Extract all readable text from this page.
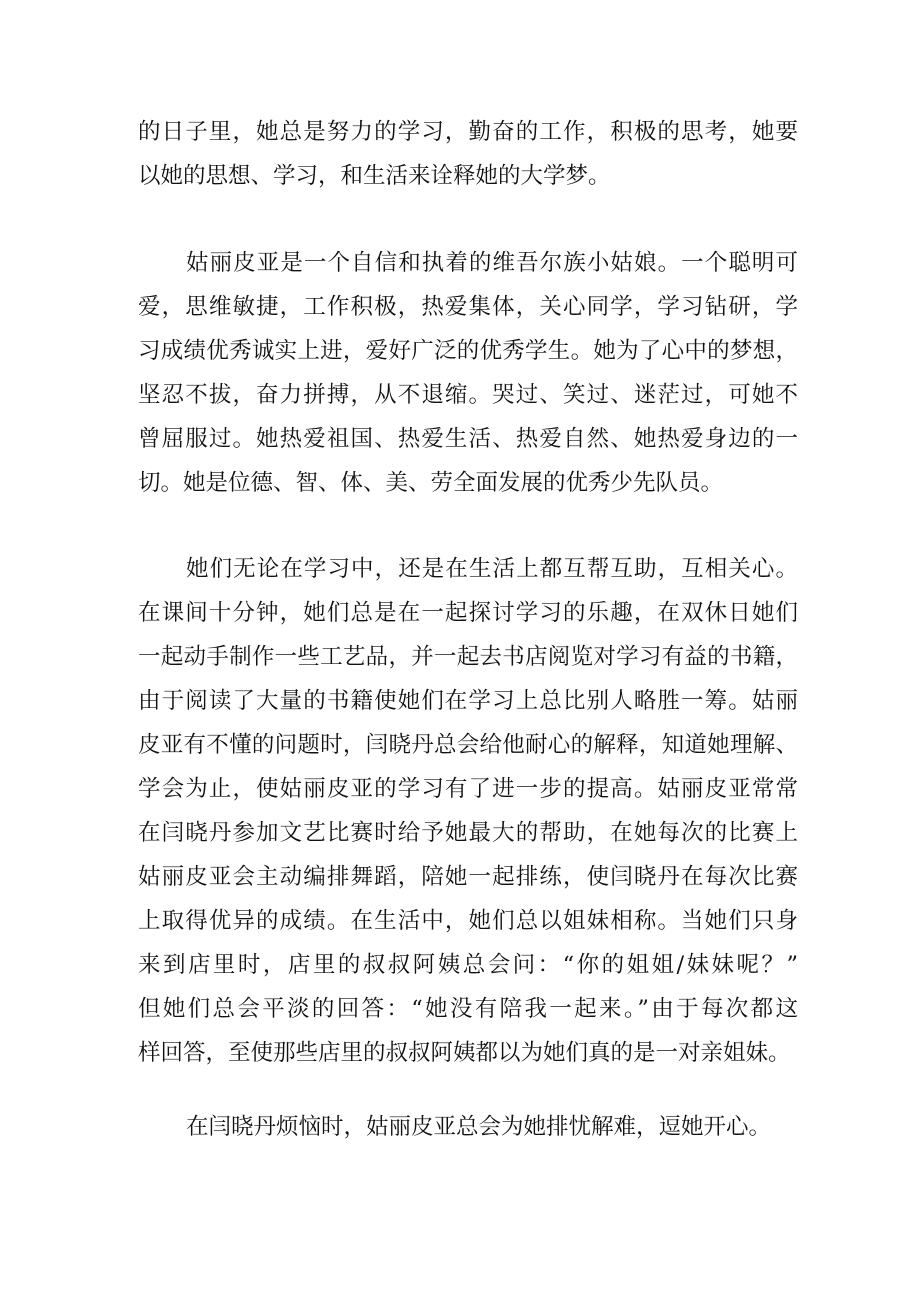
的日子里，她总是努力的学习，勤奋的工作，积极的思考，她要
以她的思想、学习，和生活来诠释她的大学梦。
姑丽皮亚是一个自信和执着的维吾尔族小姑娘。一个聪明可
爱，思维敏捷，工作积极，热爱集体，关心同学，学习钻研，学
习成绩优秀诚实上进，爱好广泛的优秀学生。她为了心中的梦想，
坚忍不拔，奋力拼搏，从不退缩。哭过、笑过、迷茫过，可她不
曾屈服过。她热爱祖国、热爱生活、热爱自然、她热爱身边的一
切。她是位德、智、体、美、劳全面发展的优秀少先队员。
她们无论在学习中，还是在生活上都互帮互助，互相关心。
在课间十分钟，她们总是在一起探讨学习的乐趣，在双休日她们
一起动手制作一些工艺品，并一起去书店阅览对学习有益的书籍，
由于阅读了大量的书籍使她们在学习上总比别人略胜一筹。姑丽
皮亚有不懂的问题时，闫晓丹总会给他耐心的解释，知道她理解、
学会为止，使姑丽皮亚的学习有了进一步的提高。姑丽皮亚常常
在闫晓丹参加文艺比赛时给予她最大的帮助，在她每次的比赛上
姑丽皮亚会主动编排舞蹈，陪她一起排练，使闫晓丹在每次比赛
上取得优异的成绩。在生活中，她们总以姐妹相称。当她们只身
来到店里时，店里的叔叔阿姨总会问：“你的姐姐/妹妹呢？”
但她们总会平淡的回答：“她没有陪我一起来。”由于每次都这
样回答，至使那些店里的叔叔阿姨都以为她们真的是一对亲姐妹。
在闫晓丹烦恼时，姑丽皮亚总会为她排忧解难，逗她开心。
